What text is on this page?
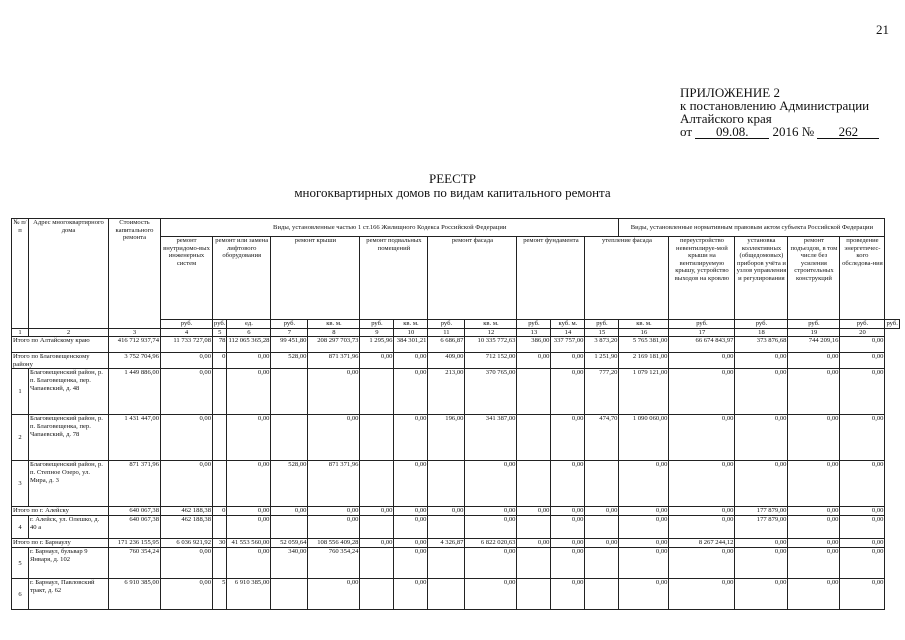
21
ПРИЛОЖЕНИЕ 2
к постановлению Администрации
Алтайского края
от 09.08. 2016 № 262
РЕЕСТР
многоквартирных домов по видам капитального ремонта
№ п/п	Адрес многоквартирного дома	Стоимость капитального ремонта	Виды, установленные частью 1 ст.166 Жилищного Кодекса Российской Федерации												Виды, установленные нормативным правовым актом субъекта Российской Федерации					
			ремонт внутридомо-вых инженерных систем	ремонт или замена лифтового оборудования		ремонт крыши		ремонт подвальных помещений		ремонт фасада		ремонт фундамента		утепление фасада		переустройство невентилируе-мой крыши на вентилируемую крышу, устройство выходов на кровлю	установка коллективных (общедомовых) приборов учёта и узлов управления и регулирования	ремонт подъездов, в том числе без усиления строительных конструкций	проведение энергетичес-кого обследова-ния	
			руб.	руб.	ед.	руб.	кв. м.	руб.	кв. м.	руб.	кв. м.	руб.	куб. м.	руб.	кв. м.	руб.	руб.	руб.	руб.	руб.
1	2	3	4	5	6	7	8	9	10	11	12	13	14	15	16	17	18	19	20	
Итого по Алтайскому краю		416 712 937,74	11 733 727,08	78	112 065 365,28	99 451,80	208 297 703,73	1 295,96	384 301,21	6 686,87	10 335 772,63	386,00	337 757,00	3 873,20	5 765 381,00	66 674 843,97	373 876,68	744 209,16	0,00	
Итого по Благовещенскому району		3 752 704,96	0,00	0	0,00	528,00	871 371,96	0,00	0,00	409,00	712 152,00	0,00	0,00	1 251,90	2 169 181,00	0,00	0,00	0,00	0,00	
1	Благовещенский район, р. п. Благовещенка, пер. Чапаевский, д. 48	1 449 886,00	0,00		0,00		0,00		0,00	213,00	370 765,00		0,00	777,20	1 079 121,00	0,00	0,00	0,00	0,00	
2	Благовещенский район, р. п. Благовещенка, пер. Чапаевский, д. 78	1 431 447,00	0,00		0,00		0,00		0,00	196,00	341 387,00		0,00	474,70	1 090 060,00	0,00	0,00	0,00	0,00	
3	Благовещенский район, р. п. Степное Озеро, ул. Мира, д. 3	871 371,96	0,00		0,00	528,00	871 371,96		0,00		0,00		0,00		0,00	0,00	0,00	0,00	0,00	
Итого по г. Алейску		640 067,38	462 188,38	0	0,00	0,00	0,00	0,00	0,00	0,00	0,00	0,00	0,00	0,00	0,00	0,00	177 879,00	0,00	0,00	
4	г. Алейск, ул. Олешко, д. 40 а	640 067,38	462 188,38		0,00		0,00		0,00		0,00		0,00		0,00	0,00	177 879,00	0,00	0,00	
Итого по г. Барнаулу		171 236 155,95	6 036 921,92	30	41 553 560,00	52 059,64	108 556 409,28	0,00	0,00	4 326,87	6 822 020,63	0,00	0,00	0,00	0,00	8 267 244,12	0,00	0,00	0,00	
5	г. Барнаул, бульвар 9 Января, д. 102	760 354,24	0,00		0,00	340,00	760 354,24		0,00		0,00		0,00		0,00	0,00	0,00	0,00	0,00	
6	г. Барнаул, Павловский тракт, д. 62	6 910 385,00	0,00	5	6 910 385,00		0,00		0,00		0,00		0,00		0,00	0,00	0,00	0,00	0,00	
